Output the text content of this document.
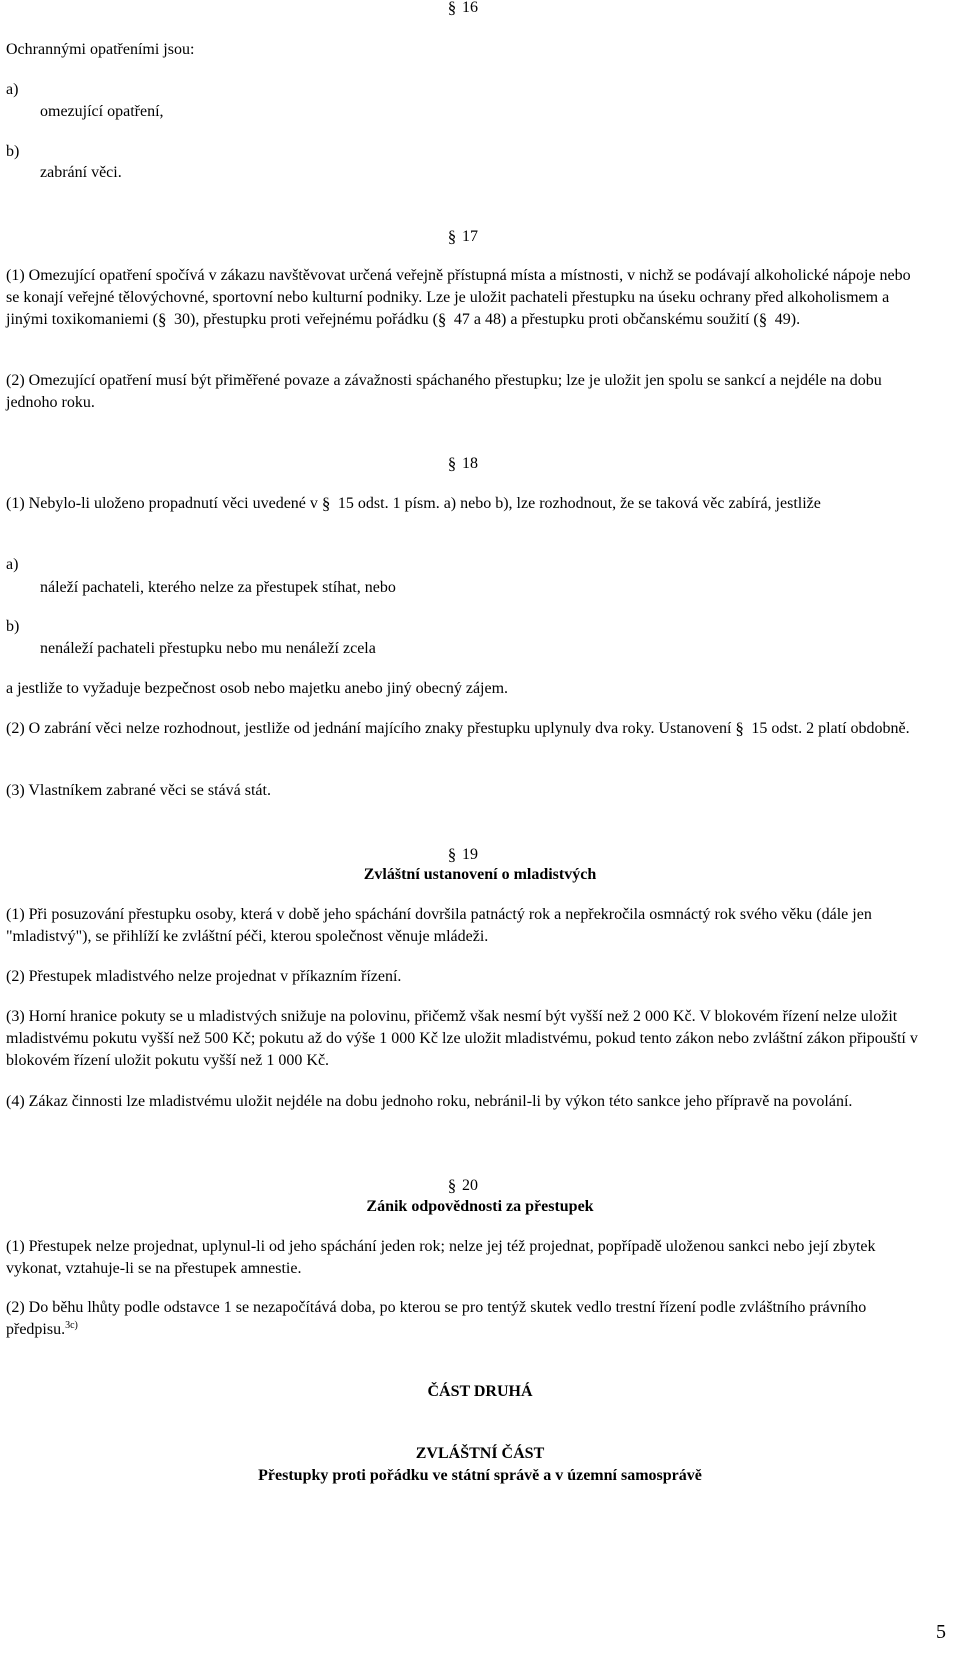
§ 16
Ochrannými opatřeními jsou:
a)
omezující opatření,
b)
zabrání věci.
§ 17
(1) Omezující opatření spočívá v zákazu navštěvovat určená veřejně přístupná místa a místnosti, v nichž se podávají alkoholické nápoje nebo se konají veřejné tělovýchovné, sportovní nebo kulturní podniky. Lze je uložit pachateli přestupku na úseku ochrany před alkoholismem a jinými toxikomaniemi (§ 30), přestupku proti veřejnému pořádku (§ 47 a 48) a přestupku proti občanskému soužití (§ 49).
(2) Omezující opatření musí být přiměřené povaze a závažnosti spáchaného přestupku; lze je uložit jen spolu se sankcí a nejdéle na dobu jednoho roku.
§ 18
(1) Nebylo-li uloženo propadnutí věci uvedené v § 15 odst. 1 písm. a) nebo b), lze rozhodnout, že se taková věc zabírá, jestliže
a)
náleží pachateli, kterého nelze za přestupek stíhat, nebo
b)
nenáleží pachateli přestupku nebo mu nenáleží zcela
a jestliže to vyžaduje bezpečnost osob nebo majetku anebo jiný obecný zájem.
(2) O zabrání věci nelze rozhodnout, jestliže od jednání majícího znaky přestupku uplynuly dva roky. Ustanovení § 15 odst. 2 platí obdobně.
(3) Vlastníkem zabrané věci se stává stát.
§ 19
Zvláštní ustanovení o mladistvých
(1) Při posuzování přestupku osoby, která v době jeho spáchání dovršila patnáctý rok a nepřekročila osmnáctý rok svého věku (dále jen "mladistvý"), se přihlíží ke zvláštní péči, kterou společnost věnuje mládeži.
(2) Přestupek mladistvého nelze projednat v příkazním řízení.
(3) Horní hranice pokuty se u mladistvých snižuje na polovinu, přičemž však nesmí být vyšší než 2 000 Kč. V blokovém řízení nelze uložit mladistvému pokutu vyšší než 500 Kč; pokutu až do výše 1 000 Kč lze uložit mladistvému, pokud tento zákon nebo zvláštní zákon připouští v blokovém řízení uložit pokutu vyšší než 1 000 Kč.
(4) Zákaz činnosti lze mladistvému uložit nejdéle na dobu jednoho roku, nebránil-li by výkon této sankce jeho přípravě na povolání.
§ 20
Zánik odpovědnosti za přestupek
(1) Přestupek nelze projednat, uplynul-li od jeho spáchání jeden rok; nelze jej též projednat, popřípadě uloženou sankci nebo její zbytek vykonat, vztahuje-li se na přestupek amnestie.
(2) Do běhu lhůty podle odstavce 1 se nezapočítává doba, po kterou se pro tentýž skutek vedlo trestní řízení podle zvláštního právního předpisu.$^{3c)}$
ČÁST DRUHÁ
ZVLÁŠTNÍ ČÁST
Přestupky proti pořádku ve státní správě a v územní samosprávě
5
